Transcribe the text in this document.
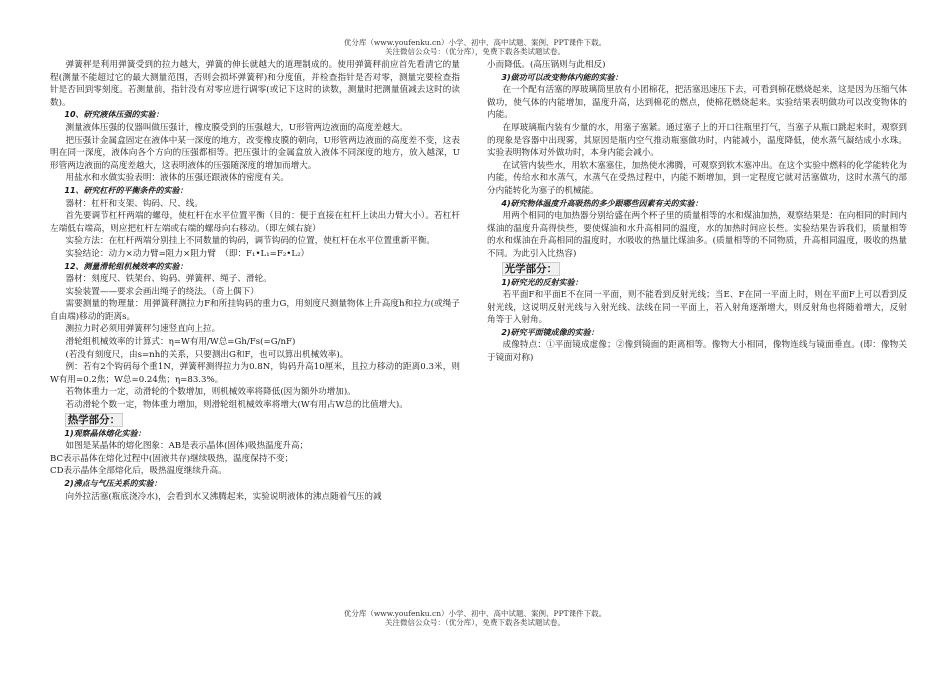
优分库（www.youfenku.cn）小学、初中、高中试题、案例、PPT课件下载。
关注微信公众号：（优分库），免费下载各类试题试卷。

弹簧秤是利用弹簧受到的拉力越大，弹簧的伸长就越大的道理制成的。使用弹簧秤前应首先看清它的量程(测量不能超过它的最大测量范围，否则会损坏弹簧秤)和分度值，并检查指针是否对零，测量完要检查指针是否回到零刻度。若测量前，指针没有对零应进行调零(或记下这时的读数，测量时把测量值减去这时的读数)。

10、研究液体压强的实验：

测量液体压强的仪器叫做压强计，橡皮膜受到的压强越大，U形管两边液面的高度差越大。

把压强计金属盒固定在液体中某一深度的地方，改变橡皮膜的朝向，U形管两边液面的高度差不变，这表明在同一深度，液体向各个方向的压强都相等。把压强计的金属盒放入液体不同深度的地方，放入越深，U形管两边液面的高度差越大，这表明液体的压强随深度的增加而增大。

用盐水和水做实验表明：液体的压强还跟液体的密度有关。

11、研究杠杆的平衡条件的实验：

器材：杠杆和支架、钩码、尺、线。

首先要调节杠杆两端的螺母，使杠杆在水平位置平衡（目的：便于直接在杠杆上读出力臂大小）。若杠杆左端低右端高，则应把杠杆左端或右端的螺母向右移动。（即左倾右旋）

实验方法：在杠杆两端分别挂上不同数量的钩码，调节钩码的位置，使杠杆在水平位置重新平衡。

实验结论：动力×动力臂=阻力×阻力臂　（即：F₁•L₁=F₂•L₂）

12、测量滑轮组机械效率的实验：

器材：刻度尺、铁架台、钩码、弹簧秤、绳子、滑轮。

实验装置——要求会画出绳子的绕法。（奇上偶下）

需要测量的物理量：用弹簧秤测拉力F和所挂钩码的重力G，用刻度尺测量物体上升高度h和拉力(或绳子自由端)移动的距离s。

测拉力时必须用弹簧秤匀速竖直向上拉。

滑轮组机械效率的计算式：η=W有用/W总=Gh/Fs(=G/nF)

(若没有刻度尺，由s=nh的关系，只要测出G和F，也可以算出机械效率)。

例：若有2个钩码每个重1N，弹簧秤测得拉力为0.8N，钩码升高10厘米，且拉力移动的距离0.3米，则W有用=0.2焦；W总=0.24焦；η=83.3%。

若物体重力一定，动滑轮的个数增加，则机械效率将降低(因为额外功增加)。

若动滑轮个数一定，物体重力增加，则滑轮组机械效率将增大(W有用占W总的比值增大)。

热学部分：

1)观察晶体熔化实验：

如图是某晶体的熔化图象：AB是表示晶体(固体)吸热温度升高；

BC表示晶体在熔化过程中(固液共存)继续吸热，温度保持不变；

CD表示晶体全部熔化后，吸热温度继续升高。

2)沸点与气压关系的实验：

向外拉活塞(瓶底浇冷水)，会看到水又沸腾起来，实验说明液体的沸点随着气压的减

小而降低。(高压锅则与此相反)

3)做功可以改变物体内能的实验：

在一个配有活塞的厚玻璃筒里放有小团棉花，把活塞迅速压下去，可看到棉花燃烧起来，这是因为压缩气体做功，使气体的内能增加，温度升高，达到棉花的燃点，使棉花燃烧起来。实验结果表明做功可以改变物体的内能。

在厚玻璃瓶内装有少量的水，用塞子塞紧。通过塞子上的开口往瓶里打气，当塞子从瓶口跳起来时，观察到的现象是容器中出现雾，其原因是瓶内空气推动瓶塞做功时，内能减小，温度降低，使水蒸气凝结成小水珠。实验表明物体对外做功时，本身内能会减小。

在试管内装些水，用软木塞塞住，加热使水沸腾，可观察到软木塞冲出。在这个实验中燃料的化学能转化为内能，传给水和水蒸气，水蒸气在受热过程中，内能不断增加，到一定程度它就对活塞做功，这时水蒸气的部分内能转化为塞子的机械能。

4)研究物体温度升高吸热的多少跟哪些因素有关的实验：

用两个相同的电加热器分别给盛在两个杯子里的质量相等的水和煤油加热，观察结果是：在向相同的时间内煤油的温度升高得快些，要使煤油和水升高相同的温度，水的加热时间应长些。实验结果告诉我们，质量相等的水和煤油在升高相同的温度时，水吸收的热量比煤油多。(质量相等的不同物质，升高相同温度，吸收的热量不同。为此引入比热容)

光学部分：

1)研究光的反射实验：

若平面F和平面E不在同一平面，则不能看到反射光线；当E、F在同一平面上时，则在平面F上可以看到反射光线，这说明反射光线与入射光线、法线在同一平面上，若入射角逐渐增大，则反射角也将随着增大，反射角等于入射角。

2)研究平面镜成像的实验：

成像特点：①平面镜成虚像；②像到镜面的距离相等。像物大小相同，像物连线与镜面垂直。(即：像物关于镜面对称)

优分库（www.youfenku.cn）小学、初中、高中试题、案例、PPT课件下载。
关注微信公众号：（优分库），免费下载各类试题试卷。
